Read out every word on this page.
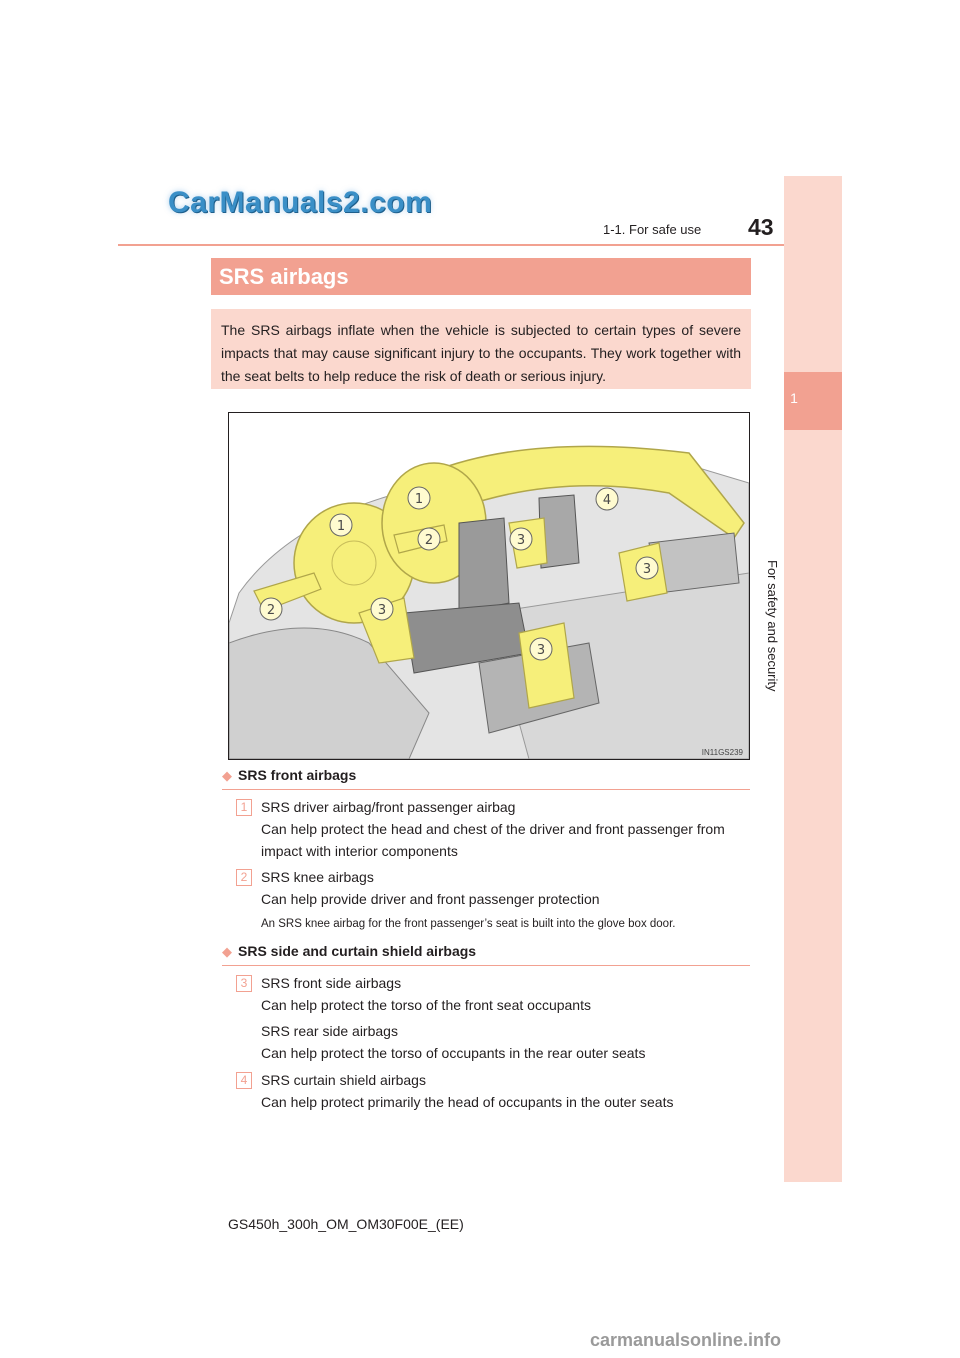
CarManuals2.com
43
1-1. For safe use
1
For safety and security
SRS airbags
The SRS airbags inflate when the vehicle is subjected to certain types of severe impacts that may cause significant injury to the occupants. They work together with the seat belts to help reduce the risk of death or serious injury.
1
1
2
2
3
3
3
3
4
IN11GS239
◆ SRS front airbags
1 SRS driver airbag/front passenger airbag
Can help protect the head and chest of the driver and front passenger from impact with interior components
2 SRS knee airbags
Can help provide driver and front passenger protection
An SRS knee airbag for the front passenger’s seat is built into the glove box door.
◆ SRS side and curtain shield airbags
3 SRS front side airbags
Can help protect the torso of the front seat occupants
SRS rear side airbags
Can help protect the torso of occupants in the rear outer seats
4 SRS curtain shield airbags
Can help protect primarily the head of occupants in the outer seats
GS450h_300h_OM_OM30F00E_(EE)
carmanualsonline.info
